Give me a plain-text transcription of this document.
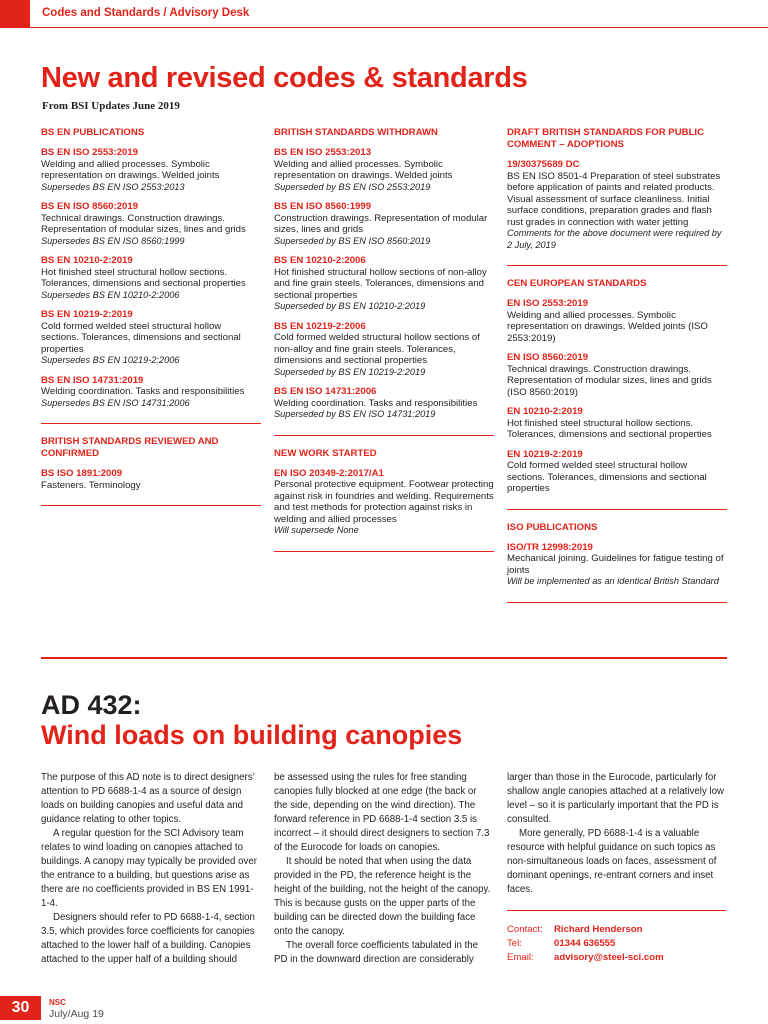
Codes and Standards / Advisory Desk
New and revised codes & standards
From BSI Updates June 2019
BS EN PUBLICATIONS
BS EN ISO 2553:2019
Welding and allied processes. Symbolic representation on drawings. Welded joints
Supersedes BS EN ISO 2553:2013
BS EN ISO 8560:2019
Technical drawings. Construction drawings. Representation of modular sizes, lines and grids
Supersedes BS EN ISO 8560:1999
BS EN 10210-2:2019
Hot finished steel structural hollow sections. Tolerances, dimensions and sectional properties
Supersedes BS EN 10210-2:2006
BS EN 10219-2:2019
Cold formed welded steel structural hollow sections. Tolerances, dimensions and sectional properties
Supersedes BS EN 10219-2:2006
BS EN ISO 14731:2019
Welding coordination. Tasks and responsibilities
Supersedes BS EN ISO 14731:2006
BRITISH STANDARDS REVIEWED AND CONFIRMED
BS ISO 1891:2009
Fasteners. Terminology
BRITISH STANDARDS WITHDRAWN
BS EN ISO 2553:2013
Welding and allied processes. Symbolic representation on drawings. Welded joints
Superseded by BS EN ISO 2553:2019
BS EN ISO 8560:1999
Construction drawings. Representation of modular sizes, lines and grids
Superseded by BS EN ISO 8560:2019
BS EN 10210-2:2006
Hot finished structural hollow sections of non-alloy and fine grain steels. Tolerances, dimensions and sectional properties
Superseded by BS EN 10210-2:2019
BS EN 10219-2:2006
Cold formed welded structural hollow sections of non-alloy and fine grain steels. Tolerances, dimensions and sectional properties
Superseded by BS EN 10219-2:2019
BS EN ISO 14731:2006
Welding coordination. Tasks and responsibilities
Superseded by BS EN ISO 14731:2019
NEW WORK STARTED
EN ISO 20349-2:2017/A1
Personal protective equipment. Footwear protecting against risk in foundries and welding. Requirements and test methods for protection against risks in welding and allied processes
Will supersede None
DRAFT BRITISH STANDARDS FOR PUBLIC COMMENT – ADOPTIONS
19/30375689 DC
BS EN ISO 8501-4 Preparation of steel substrates before application of paints and related products. Visual assessment of surface cleanliness. Initial surface conditions, preparation grades and flash rust grades in connection with water jetting
Comments for the above document were required by 2 July, 2019
CEN EUROPEAN STANDARDS
EN ISO 2553:2019
Welding and allied processes. Symbolic representation on drawings. Welded joints (ISO 2553:2019)
EN ISO 8560:2019
Technical drawings. Construction drawings. Representation of modular sizes, lines and grids (ISO 8560:2019)
EN 10210-2:2019
Hot finished steel structural hollow sections. Tolerances, dimensions and sectional properties
EN 10219-2:2019
Cold formed welded steel structural hollow sections. Tolerances, dimensions and sectional properties
ISO PUBLICATIONS
ISO/TR 12998:2019
Mechanical joining. Guidelines for fatigue testing of joints
Will be implemented as an identical British Standard
AD 432:
Wind loads on building canopies

The purpose of this AD note is to direct designers’ attention to PD 6688-1-4 as a source of design loads on building canopies and useful data and guidance relating to other topics.

A regular question for the SCI Advisory team relates to wind loading on canopies attached to buildings. A canopy may typically be provided over the entrance to a building, but questions arise as there are no coefficients provided in BS EN 1991-1-4.

Designers should refer to PD 6688-1-4, section 3.5, which provides force coefficients for canopies attached to the lower half of a building. Canopies attached to the upper half of a building should

be assessed using the rules for free standing canopies fully blocked at one edge (the back or the side, depending on the wind direction). The forward reference in PD 6688-1-4 section 3.5 is incorrect – it should direct designers to section 7.3 of the Eurocode for loads on canopies.

It should be noted that when using the data provided in the PD, the reference height is the height of the building, not the height of the canopy. This is because gusts on the upper parts of the building can be directed down the building face onto the canopy.

The overall force coefficients tabulated in the PD in the downward direction are considerably

larger than those in the Eurocode, particularly for shallow angle canopies attached at a relatively low level – so it is particularly important that the PD is consulted.

More generally, PD 6688-1-4 is a valuable resource with helpful guidance on such topics as non-simultaneous loads on faces, assessment of dominant openings, re-entrant corners and inset faces.

Contact:	Richard Henderson
Tel:	01344 636555
Email:	advisory@steel-sci.com
30	NSC
July/Aug 19
